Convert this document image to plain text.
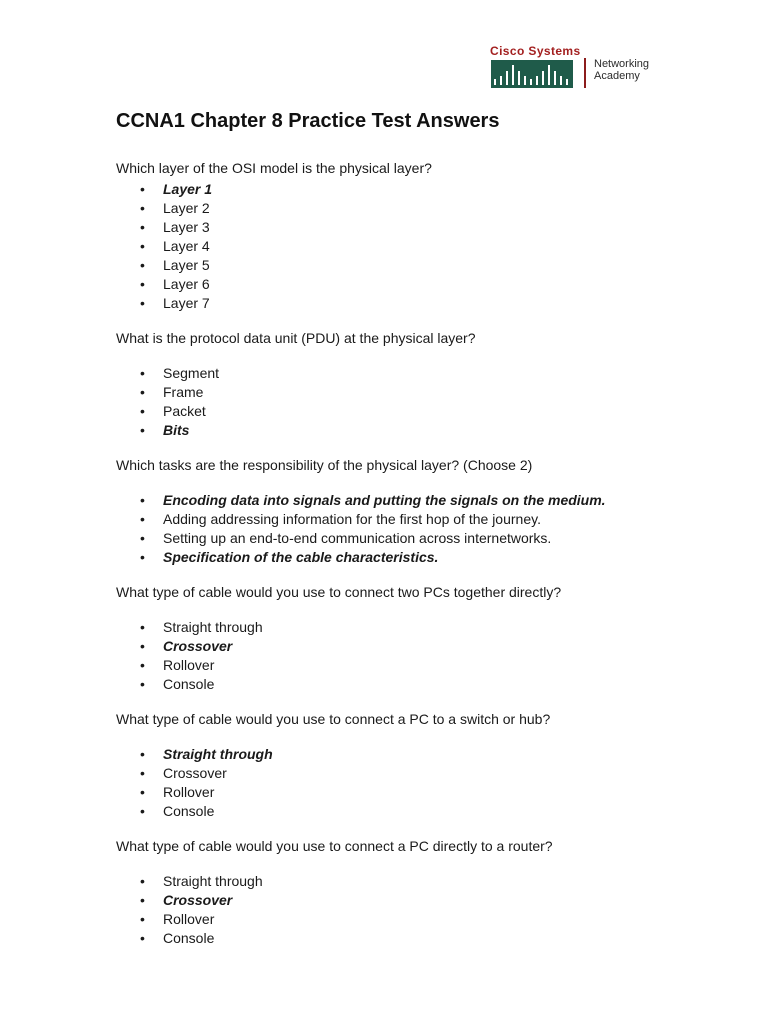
Cisco Systems
Networking
Academy
CCNA1 Chapter 8 Practice Test Answers

Which layer of the OSI model is the physical layer?

•	Layer 1
•	Layer 2
•	Layer 3
•	Layer 4
•	Layer 5
•	Layer 6
•	Layer 7

What is the protocol data unit (PDU) at the physical layer?

•	Segment
•	Frame
•	Packet
•	Bits

Which tasks are the responsibility of the physical layer? (Choose 2)

•	Encoding data into signals and putting the signals on the medium.
•	Adding addressing information for the first hop of the journey.
•	Setting up an end-to-end communication across internetworks.
•	Specification of the cable characteristics.

What type of cable would you use to connect two PCs together directly?

•	Straight through
•	Crossover
•	Rollover
•	Console

What type of cable would you use to connect a PC to a switch or hub?

•	Straight through
•	Crossover
•	Rollover
•	Console

What type of cable would you use to connect a PC directly to a router?

•	Straight through
•	Crossover
•	Rollover
•	Console
